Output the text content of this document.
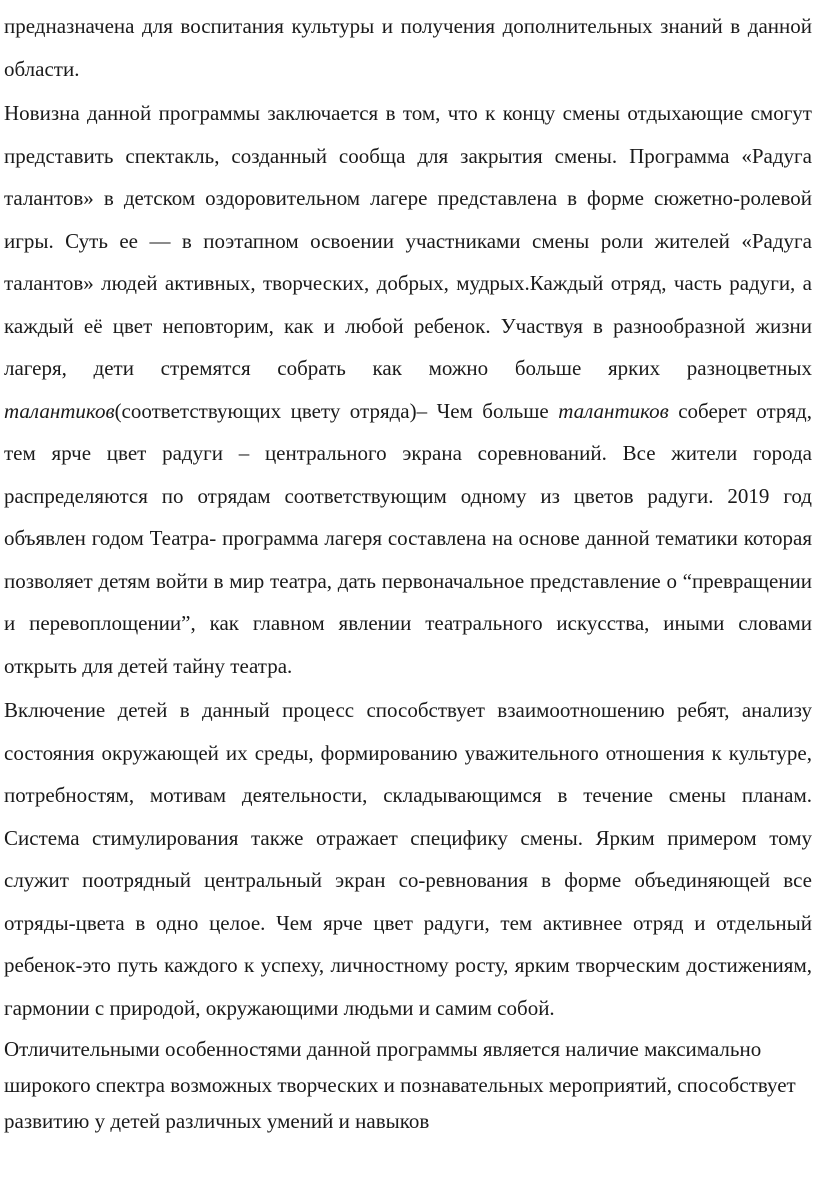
предназначена для воспитания культуры и получения дополнительных знаний в данной области.

Новизна данной программы заключается в том, что к концу смены отдыхающие смогут представить спектакль, созданный сообща для закрытия смены. Программа «Радуга талантов» в детском оздоровительном лагере представлена в форме сюжетно-ролевой игры. Суть ее — в поэтапном освоении участниками смены роли жителей «Радуга талантов» людей активных, творческих, добрых, мудрых.Каждый отряд, часть радуги, а каждый её цвет неповторим, как и любой ребенок. Участвуя в разнообразной жизни лагеря, дети стремятся собрать как можно больше ярких разноцветных талантиков(соответствующих цвету отряда)– Чем больше талантиков соберет отряд, тем ярче цвет радуги – центрального экрана соревнований. Все жители города распределяются по отрядам соответствующим одному из цветов радуги. 2019 год объявлен годом Театра- программа лагеря составлена на основе данной тематики которая позволяет детям войти в мир театра, дать первоначальное представление о “превращении и перевоплощении”, как главном явлении театрального искусства, иными словами открыть для детей тайну театра.

Включение детей в данный процесс способствует взаимоотношению ребят, анализу состояния окружающей их среды, формированию уважительного отношения к культуре, потребностям, мотивам деятельности, складывающимся в течение смены планам. Система стимулирования также отражает специфику смены. Ярким примером тому служит поотрядный центральный экран со-ревнования в форме объединяющей все отряды-цвета в одно целое. Чем ярче цвет радуги, тем активнее отряд и отдельный ребенок-это путь каждого к успеху, личностному росту, ярким творческим достижениям, гармонии с природой, окружающими людьми и самим собой.

Отличительными особенностями данной программы является наличие максимально широкого спектра возможных творческих и познавательных мероприятий, способствует развитию у детей различных умений и навыков
